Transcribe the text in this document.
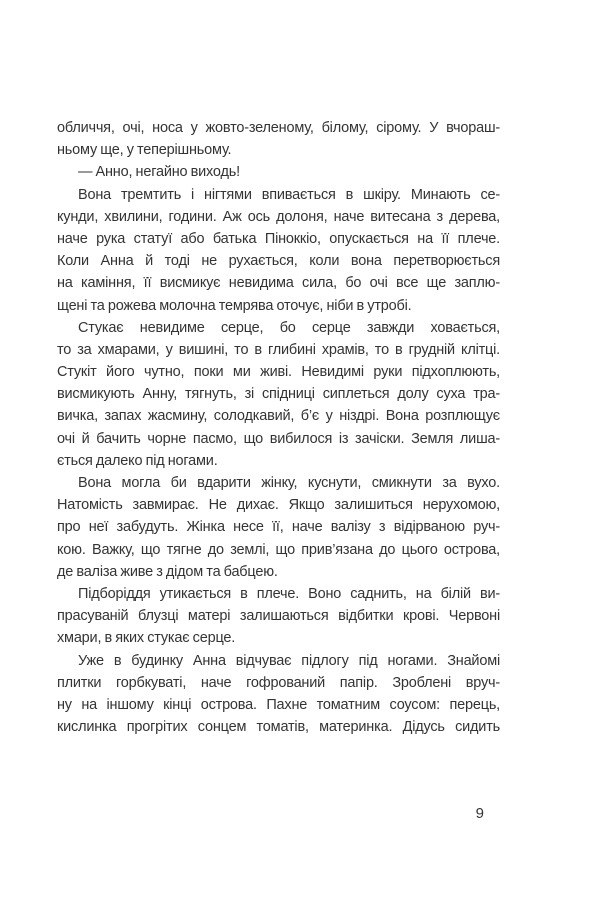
обличчя, очі, носа у жовто-зеленому, білому, сірому. У вчораш-
ньому ще, у теперішньому.
— Анно, негайно виходь!
Вона тремтить і нігтями впивається в шкіру. Минають се-
кунди, хвилини, години. Аж ось долоня, наче витесана з дерева,
наче рука статуї або батька Піноккіо, опускається на її плече.
Коли Анна й тоді не рухається, коли вона перетворюється
на каміння, її висмикує невидима сила, бо очі все ще заплю-
щені та рожева молочна темрява оточує, ніби в утробі.
Стукає невидиме серце, бо серце завжди ховається,
то за хмарами, у вишині, то в глибині храмів, то в грудній клітці.
Стукіт його чутно, поки ми живі. Невидимі руки підхоплюють,
висмикують Анну, тягнуть, зі спідниці сиплеться долу суха тра-
вичка, запах жасмину, солодкавий, б’є у ніздрі. Вона розплющує
очі й бачить чорне пасмо, що вибилося із зачіски. Земля лиша-
ється далеко під ногами.
Вона могла би вдарити жінку, куснути, смикнути за вухо.
Натомість завмирає. Не дихає. Якщо залишиться нерухомою,
про неї забудуть. Жінка несе її, наче валізу з відірваною руч-
кою. Важку, що тягне до землі, що прив’язана до цього острова,
де валіза живе з дідом та бабцею.
Підборіддя утикається в плече. Воно саднить, на білій ви-
прасуваній блузці матері залишаються відбитки крові. Червоні
хмари, в яких стукає серце.
Уже в будинку Анна відчуває підлогу під ногами. Знайомі
плитки горбкуваті, наче гофрований папір. Зроблені вруч-
ну на іншому кінці острова. Пахне томатним соусом: перець,
кислинка прогрітих сонцем томатів, материнка. Дідусь сидить
9
